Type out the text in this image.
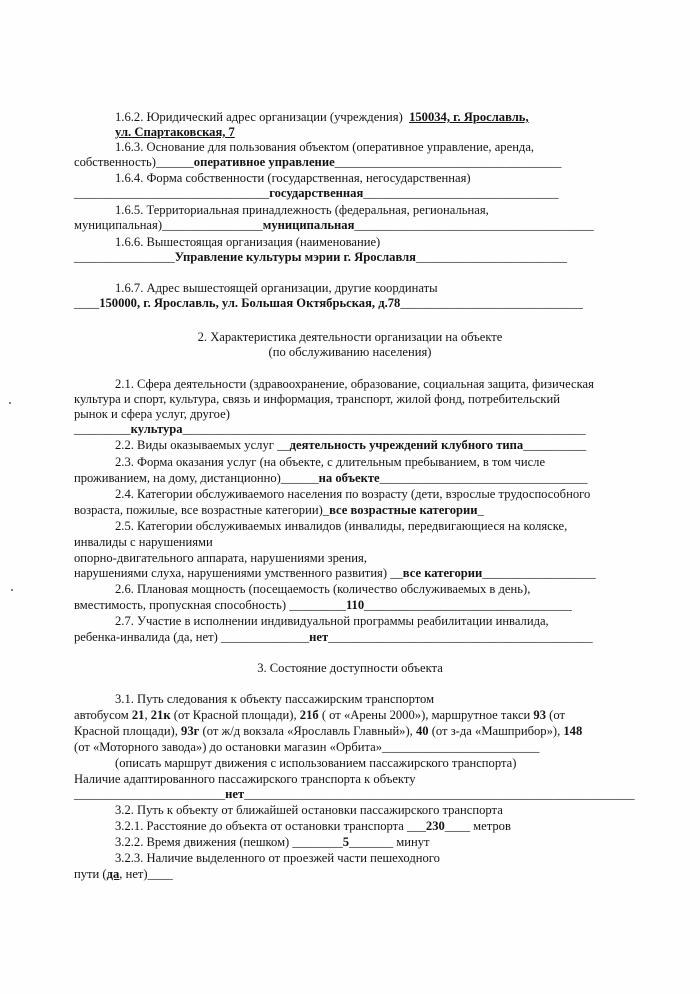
1.6.2. Юридический адрес организации (учреждения) 150034, г. Ярославль,
ул. Спартаковская, 7
1.6.3. Основание для пользования объектом (оперативное управление, аренда,
собственность)______оперативное управление____________________________________
1.6.4. Форма собственности (государственная, негосударственная)
_______________________________государственная_______________________________
1.6.5. Территориальная принадлежность (федеральная, региональная,
муниципальная)________________муниципальная______________________________________
1.6.6. Вышестоящая организация (наименование)
________________Управление культуры мэрии г. Ярославля________________________
1.6.7. Адрес вышестоящей организации, другие координаты
____150000, г. Ярославль, ул. Большая Октябрьская, д.78_____________________________
2. Характеристика деятельности организации на объекте
(по обслуживанию населения)
2.1. Сфера деятельности (здравоохранение, образование, социальная защита, физическая
культура и спорт, культура, связь и информация, транспорт, жилой фонд, потребительский
рынок и сфера услуг, другое)
_________культура________________________________________________________________
2.2. Виды оказываемых услуг __деятельность учреждений клубного типа__________
2.3. Форма оказания услуг (на объекте, с длительным пребыванием, в том числе
проживанием, на дому, дистанционно)______на объекте_________________________________
2.4. Категории обслуживаемого населения по возрасту (дети, взрослые трудоспособного
возраста, пожилые, все возрастные категории)_все возрастные категории_
2.5. Категории обслуживаемых инвалидов (инвалиды, передвигающиеся на коляске,
инвалиды с нарушениями
опорно-двигательного аппарата, нарушениями зрения,
нарушениями слуха, нарушениями умственного развития) __все категории__________________
2.6. Плановая мощность (посещаемость (количество обслуживаемых в день),
вместимость, пропускная способность) _________110_________________________________
2.7. Участие в исполнении индивидуальной программы реабилитации инвалида,
ребенка-инвалида (да, нет) ______________нет__________________________________________
3. Состояние доступности объекта
3.1. Путь следования к объекту пассажирским транспортом
автобусом 21, 21к (от Красной площади), 21б ( от «Арены 2000»), маршрутное такси 93 (от
Красной площади), 93г (от ж/д вокзала «Ярославль Главный»), 40 (от з-да «Машприбор»), 148
(от «Моторного завода») до остановки магазин «Орбита»_________________________
(описать маршрут движения с использованием пассажирского транспорта)
Наличие адаптированного пассажирского транспорта к объекту
________________________нет______________________________________________________________
3.2. Путь к объекту от ближайшей остановки пассажирского транспорта
3.2.1. Расстояние до объекта от остановки транспорта ___230____ метров
3.2.2. Время движения (пешком) ________5_______ минут
3.2.3. Наличие выделенного от проезжей части пешеходного
пути (да, нет)____
